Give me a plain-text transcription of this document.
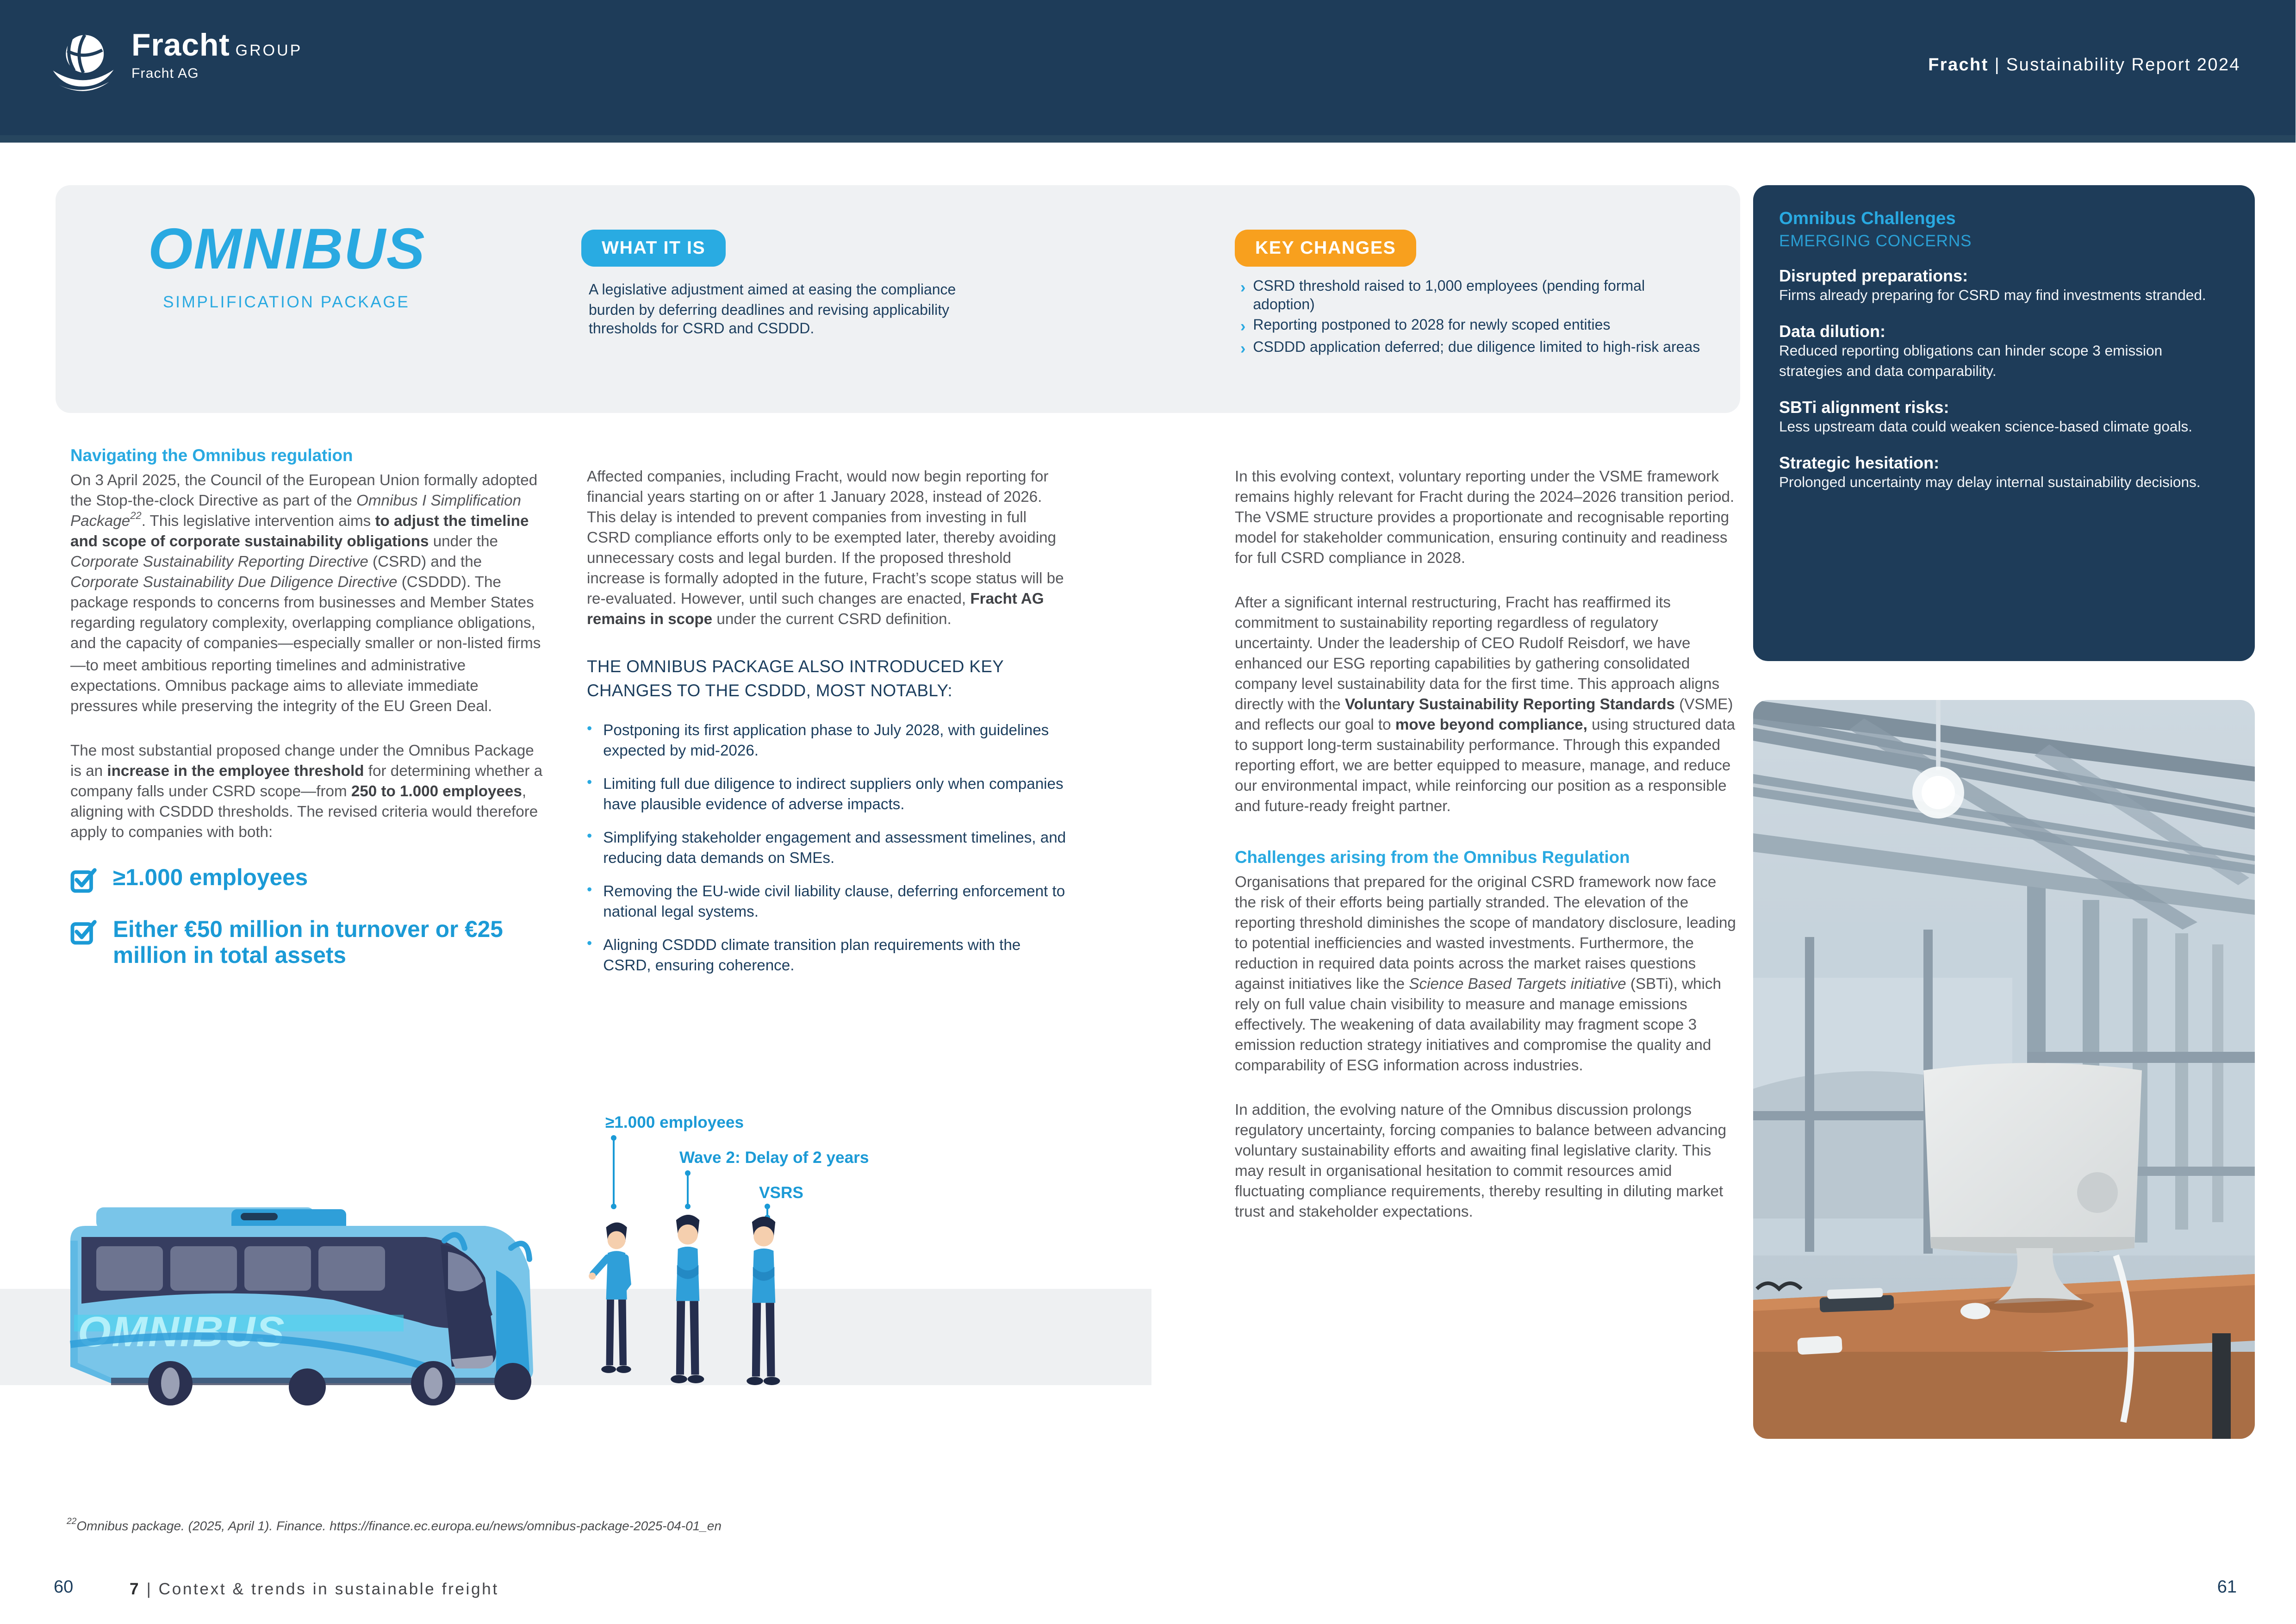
Fracht GROUP
Fracht AG	Fracht | Sustainability Report 2024
OMNIBUS
SIMPLIFICATION PACKAGE
WHAT IT IS
A legislative adjustment aimed at easing the compliance burden by deferring deadlines and revising applicability thresholds for CSRD and CSDDD.
KEY CHANGES
› CSRD threshold raised to 1,000 employees (pending formal adoption)
› Reporting postponed to 2028 for newly scoped entities
› CSDDD application deferred; due diligence limited to high-risk areas
Omnibus Challenges
EMERGING CONCERNS
Disrupted preparations:
Firms already preparing for CSRD may find investments stranded.
Data dilution:
Reduced reporting obligations can hinder scope 3 emission strategies and data comparability.
SBTi alignment risks:
Less upstream data could weaken science-based climate goals.
Strategic hesitation:
Prolonged uncertainty may delay internal sustainability decisions.
Navigating the Omnibus regulation

On 3 April 2025, the Council of the European Union formally adopted the Stop-the-clock Directive as part of the Omnibus I Simplification Package$^{22}$. This legislative intervention aims to adjust the timeline and scope of corporate sustainability obligations under the Corporate Sustainability Reporting Directive (CSRD) and the Corporate Sustainability Due Diligence Directive (CSDDD). The package responds to concerns from businesses and Member States regarding regulatory complexity, overlapping compliance obligations, and the capacity of companies—especially smaller or non-listed firms—to meet ambitious reporting timelines and administrative expectations. Omnibus package aims to alleviate immediate pressures while preserving the integrity of the EU Green Deal.

The most substantial proposed change under the Omnibus Package is an increase in the employee threshold for determining whether a company falls under CSRD scope—from 250 to 1.000 employees, aligning with CSDDD thresholds. The revised criteria would therefore apply to companies with both:

≥1.000 employees
Either €50 million in turnover or €25 million in total assets

Affected companies, including Fracht, would now begin reporting for financial years starting on or after 1 January 2028, instead of 2026. This delay is intended to prevent companies from investing in full CSRD compliance efforts only to be exempted later, thereby avoiding unnecessary costs and legal burden. If the proposed threshold increase is formally adopted in the future, Fracht’s scope status will be re-evaluated. However, until such changes are enacted, Fracht AG remains in scope under the current CSRD definition.

THE OMNIBUS PACKAGE ALSO INTRODUCED KEY CHANGES TO THE CSDDD, MOST NOTABLY:
•	Postponing its first application phase to July 2028, with guidelines expected by mid-2026.
•	Limiting full due diligence to indirect suppliers only when companies have plausible evidence of adverse impacts.
•	Simplifying stakeholder engagement and assessment timelines, and reducing data demands on SMEs.
•	Removing the EU-wide civil liability clause, deferring enforcement to national legal systems.
•	Aligning CSDDD climate transition plan requirements with the CSRD, ensuring coherence.

In this evolving context, voluntary reporting under the VSME framework remains highly relevant for Fracht during the 2024–2026 transition period. The VSME structure provides a proportionate and recognisable reporting model for stakeholder communication, ensuring continuity and readiness for full CSRD compliance in 2028.

After a significant internal restructuring, Fracht has reaffirmed its commitment to sustainability reporting regardless of regulatory uncertainty. Under the leadership of CEO Rudolf Reisdorf, we have enhanced our ESG reporting capabilities by gathering consolidated company level sustainability data for the first time. This approach aligns directly with the Voluntary Sustainability Reporting Standards (VSME) and reflects our goal to move beyond compliance, using structured data to support long-term sustainability performance. Through this expanded reporting effort, we are better equipped to measure, manage, and reduce our environmental impact, while reinforcing our position as a responsible and future-ready freight partner.

Challenges arising from the Omnibus Regulation

Organisations that prepared for the original CSRD framework now face the risk of their efforts being partially stranded. The elevation of the reporting threshold diminishes the scope of mandatory disclosure, leading to potential inefficiencies and wasted investments. Furthermore, the reduction in required data points across the market raises questions against initiatives like the Science Based Targets initiative (SBTi), which rely on full value chain visibility to measure and manage emissions effectively. The weakening of data availability may fragment scope 3 emission reduction strategy initiatives and compromise the quality and comparability of ESG information across industries.

In addition, the evolving nature of the Omnibus discussion prolongs regulatory uncertainty, forcing companies to balance between advancing voluntary sustainability efforts and awaiting final legislative clarity. This may result in organisational hesitation to commit resources amid fluctuating compliance requirements, thereby resulting in diluting market trust and stakeholder expectations.

OMNIBUS
≥1.000 employees
Wave 2: Delay of 2 years
VSRS
$^{22}$Omnibus package. (2025, April 1). Finance. https://finance.ec.europa.eu/news/omnibus-package-2025-04-01_en
60	7 | Context & trends in sustainable freight	61
